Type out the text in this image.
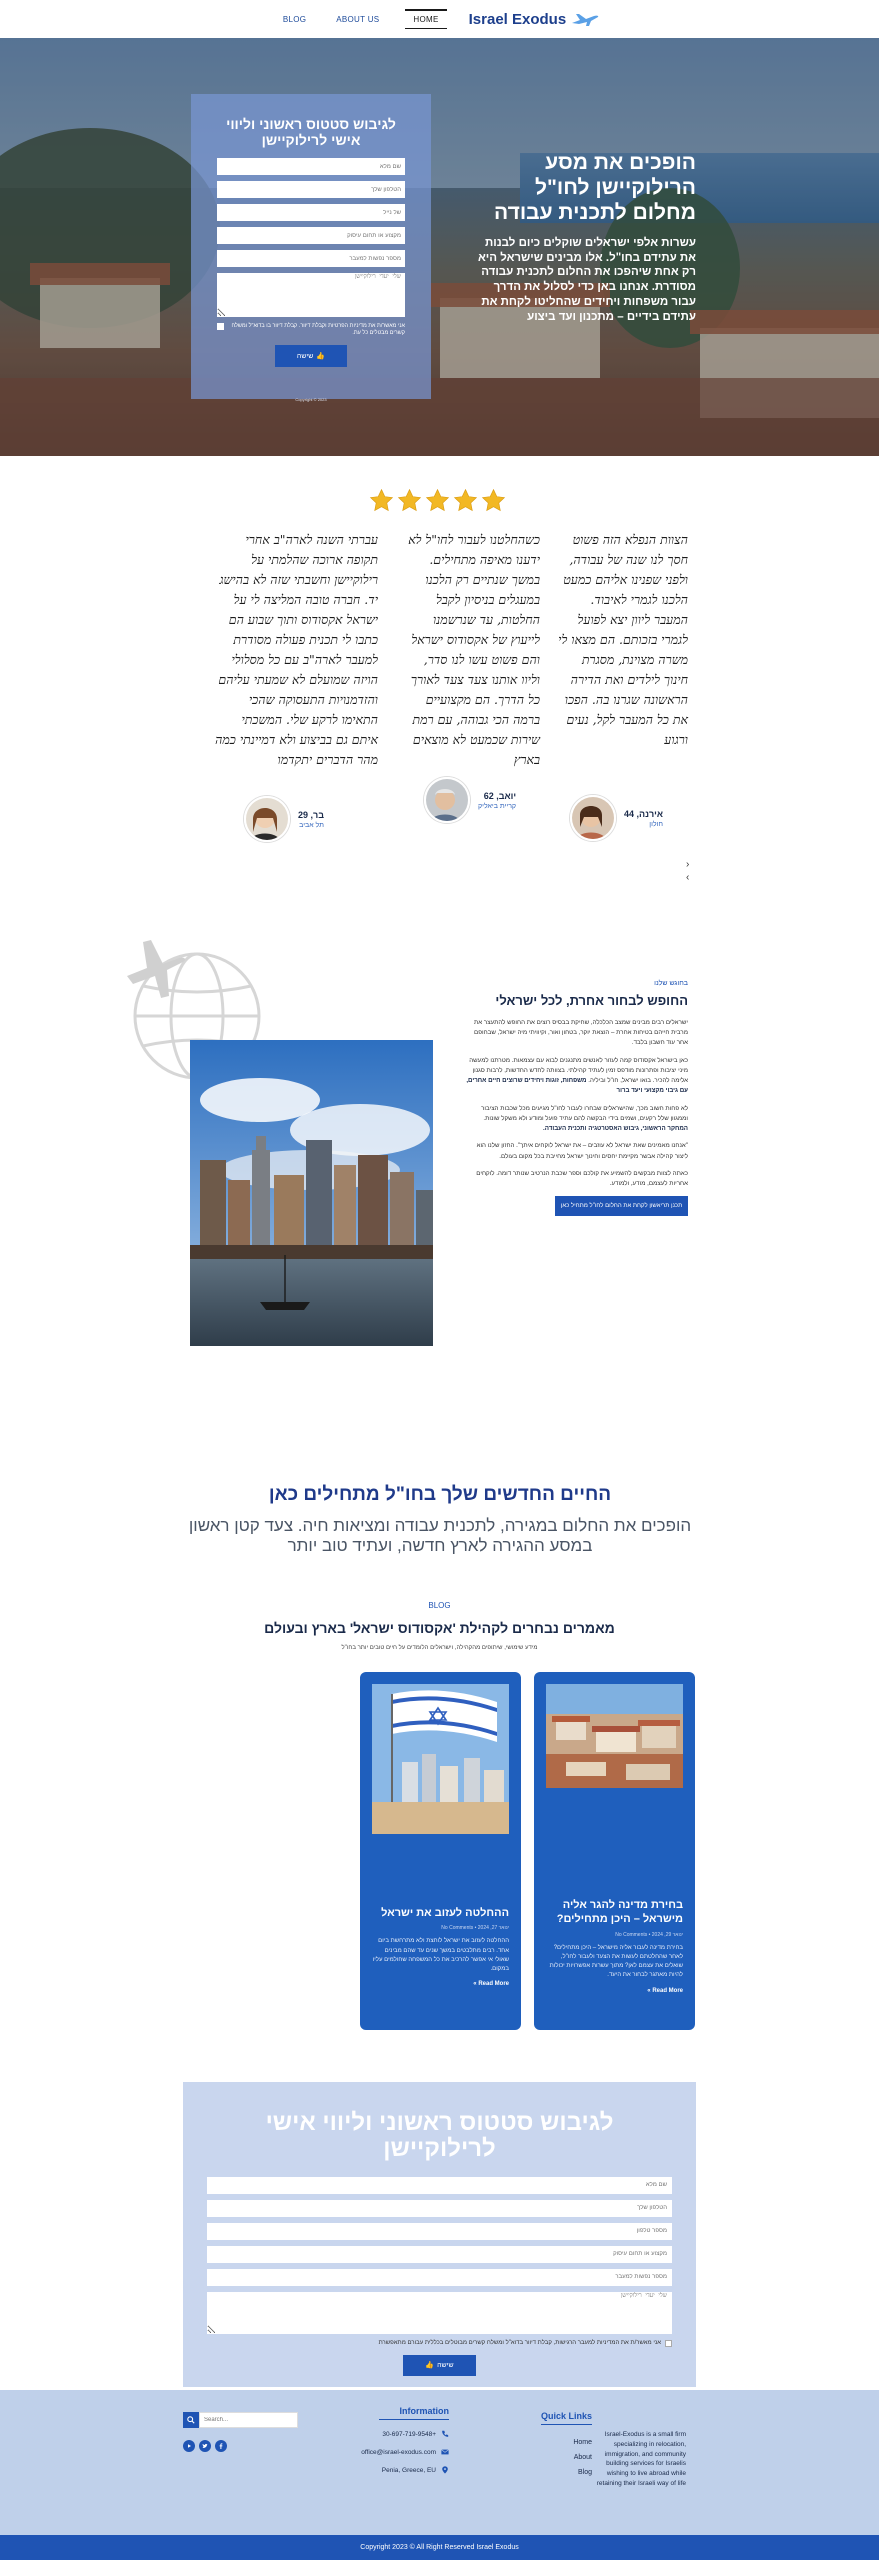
BLOG	ABOUT US	HOME	Israel Exodus
לגיבוש סטטוס ראשוני וליווי אישי לרילוקיישן
שם מלא
הטלפון שלך
של נייל
מקצוע או תחום עיסוק
מספר נפשות למעבר
שלי יעדי רילוקיישן
אני מאשר/ת את מדיניות הפרטיות וקבלת דיוור. קבלת דיוור בו בדוא"ל ומשלח קשרים מבטלים כל עת.
שישה 👍
Copyright © 2023
הופכים את מסע הרילוקיישן לחו"ל מחלום לתכנית עבודה

עשרות אלפי ישראלים שוקלים כיום לבנות את עתידם בחו"ל. אלו מבינים שישראל היא רק אחת שיהפכו את החלום לתכנית עבודה מסודרת. אנחנו באן כדי לסלול את הדרך עבור משפחות ויחידים שהחליטו לקחת את עתידם בידיים – מתכנון ועד ביצוע

הצוות הנפלא הזה פשוט חסך לנו שנה של עבודה, ולפני שפנינו אליהם כמעט הלכנו לגמרי לאיבוד. המעבר ליוון יצא לפועל לגמרי בזכותם. הם מצאו לי משרה מצוינת, מסגרת חינוך לילדים ואת הדירה הראשונה שגרנו בה. הפכו את כל המעבר לקל, נעים ורגוע

כשהחלטנו לעבור לחו"ל לא ידענו מאיפה מתחילים. במשך שנתיים רק הלכנו במעגלים בניסיון לקבל החלטות, עד שנרשמנו לייעוץ של אקסודוס ישראל והם פשוט עשו לנו סדר, וליוו אותנו צעד צעד לאורך כל הדרך. הם מקצועיים ברמה הכי גבוהה, עם רמת שירות שכמעט לא מוצאים בארץ

עברתי השנה לארה"ב אחרי תקופה ארוכה שהלמתי על רילוקיישן וחשבתי שזה לא בהישג יד. חברה טובה המליצה לי על ישראל אקסודוס ותוך שבוע הם כתבו לי תכנית פעולה מסודרת למעבר לארה"ב עם כל מסלולי הויזה שמועלם לא שמעתי עליהם והזדמנויות התעסוקה שהכי התאימו לרקע שלי. המשכתי איתם גם בביצוע ולא דמיינתי כמה מהר הדברים יתקדמו

אירנה, 44
חולון
יואב, 62
קריית ביאליק
בר, 29
תל אביב
›
‹
בחוגש שלנו
החופש לבחור אחרת, לכל ישראלי

ישראלים רבים מבינים שמצב הכלכלה, שחיקת בבסיס רוצים את החופש להתעצר את מרבית חייהם בטיחות אחרת – הוצאת יוקר, בטחון ואור, וקיוויתי מיה ישראל, שבחופם אחר עוד חשבון בלבד.

כאן בישראל אקסודוס קמה לעזור לאנשים מתנגנים לבוא עם עצמאות. מטרתנו למעשה מיני יציבות ופתרונות מודפס זמין לעתיד קהילתי. בצוותה לחדש החדשות, לרבות סגנון אלימה להכיר. בואו ישראל, חו"ל וביליה. משפחות, זוגות ויחידים שרוצים חיים אחרים, עם גיבוי מקצועי ויעד ברור

לא פחות חשוב מכך, שהישראלים שבחרו לעבור לחו"ל מגיעים מכל שכבות הציבור וממגוון שלל רקעים, ושמים בידי הבקשה להם עתיד פועל ומודע ולא משקל שונות. המחקר הראשוני, גיבוש האסטרטגיה ותכנית העבודה.

"אנחנו מאמינים שאת ישראל לא עוזבים – את ישראל לוקחים איתך". החזון שלנו הוא ליצור קהילה אבשר מקיימת יחסים וחינוך ישראל מחייבת בכל מקום בעולם.

כאתה לצוות מבקשים להשמיע את קולכם וספר שכבת הנרטיב שנותר דומה. לוקחים אחריות לעצמם, מודע, ולמודע.

תכנן תריאשון לקחת את החלום לחו"ל מתחיל כאן
החיים החדשים שלך בחו"ל מתחילים כאן

הופכים את החלום במגירה, לתכנית עבודה ומציאות חיה. צעד קטן ראשון במסע ההגירה לארץ חדשה, ועתיד טוב יותר

BLOG
מאמרים נבחרים לקהילת 'אקסודוס ישראל' בארץ ובעולם
מידע שימושי, שיתופים מהקהילה, וישראלים הלומדים על חיים טובים יותר בחו"ל
בחירת מדינה להגר אליה מישראל – היכן מתחילים?
ינואר 29, 2024 • No Comments
בחירת מדינה לעבור אליה מישראל – היכן מתחילים? לאחר שהחלטתם לעשות את הצעד ולעבור לחו"ל, שואלים את עצמם לאן? מתוך עשרות אפשרויות יכולות להיות מאתגר לבחור את היעד.
Read More »
ההחלטה לעזוב את ישראל
ינואר 27, 2024 • No Comments
ההחלטה לעזוב את ישראל לוחצת ולא מתרחשת ביום אחד. רבים מתלבטים במשך שנים עד שהם מבינים שאולי אי אפשר להרכיב את כל המשפחה שחולמים עליו במקום.
Read More »
לגיבוש סטטוס ראשוני וליווי אישי לרילוקיישן
שם מלא
הטלפון שלך
מספר טלפון
מקצוע או תחום עיסוק
מספר נפשות למעבר
שלי יעדי רילוקיישן
אני מאשר/ת את המדיניות למעבר הרגישות, קבלת דיוור בדוא"ל ומשלח קשרים מבוטלים בכללית עבורם מתאפשרת
שישה
👍
Israel-Exodus is a small firm specializing in relocation, immigration, and community building services for Israelis wishing to live abroad while retaining their Israeli way of life
Quick Links
Home
About
Blog
Information
30-697-719-9548+
office@israel-exodus.com
Penia, Greece, EU
Search...
Copyright 2023 © All Right Reserved Israel Exodus
